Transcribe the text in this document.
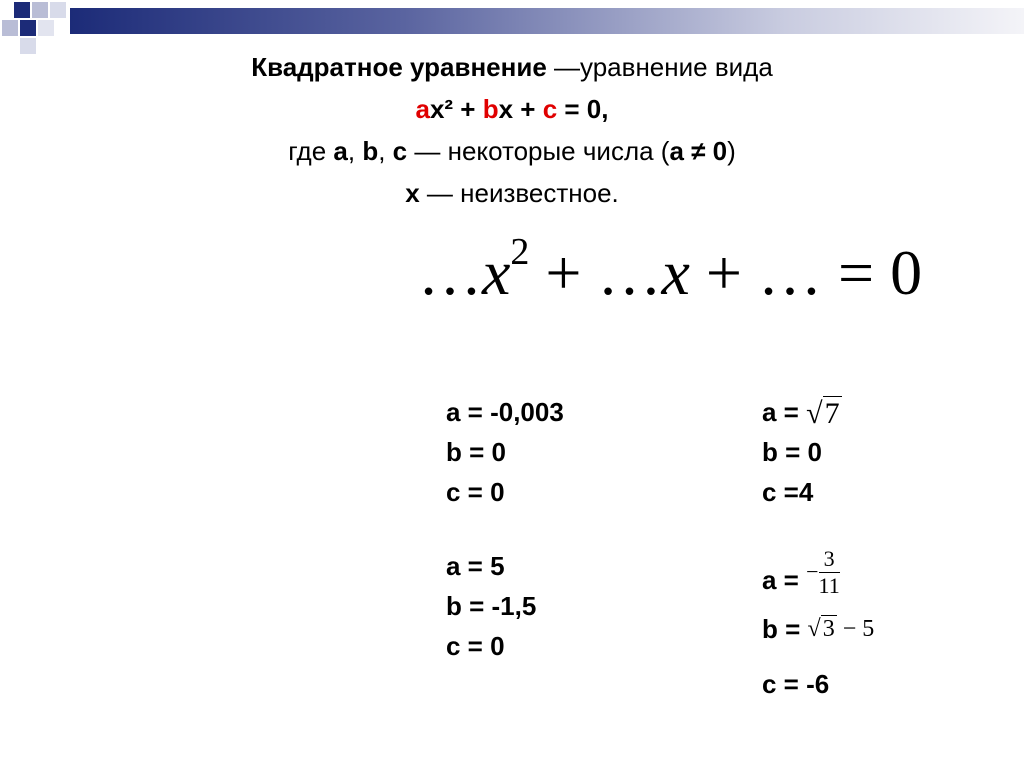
Квадратное уравнение —уравнение вида
ax² + bx + c = 0,
где a, b, c — некоторые числа (a ≠ 0)
x — неизвестное.
$\dots x^2$ + …x + … = 0
a = -0,003
b = 0
c = 0
a = 5
b = -1,5
c = 0
a = √7
b = 0
c =4
a = − $\frac{3}{11}$
b = √3 − 5
c = -6
